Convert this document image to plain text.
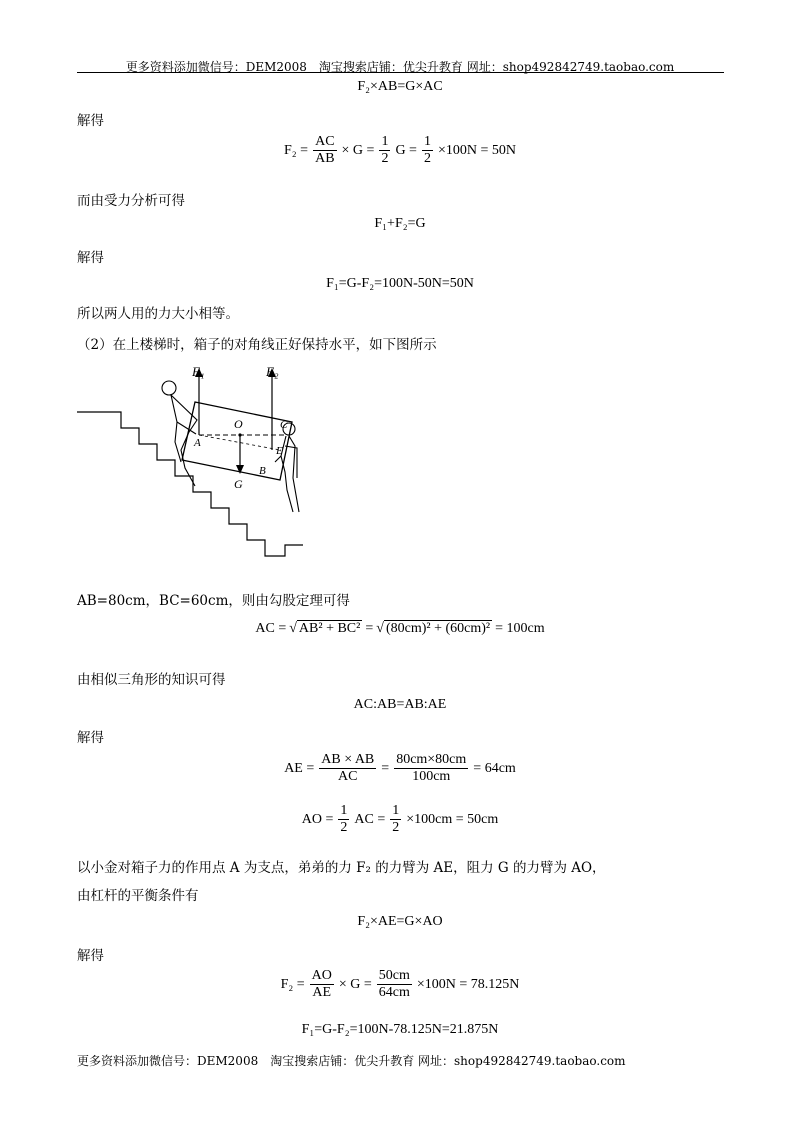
更多资料添加微信号：DEM2008　淘宝搜索店铺：优尖升教育 网址：shop492842749.taobao.com
F₂×AB=G×AC
解得
$F_2 = \frac{AC}{AB} \times G = \frac{1}{2}$ $G = \frac{1}{2} \times 100N = 50N$
而由受力分析可得
F₁+F₂=G
解得
F₁=G-F₂=100N-50N=50N
所以两人用的力大小相等。
（2）在上楼梯时，箱子的对角线正好保持水平，如下图所示
F₁	F₂
O
A
B
C
E
G
AB=80cm，BC=60cm，则由勾股定理可得
AC = √ AB² + BC² = √ (80cm)² + (60cm)² = 100cm
由相似三角形的知识可得
AC:AB=AB:AE
解得
AE = $\frac{AB \times AB}{AC} = \frac{80cm\times 80cm}{100cm} = 64cm$
AO = $\frac{1}{2}$ AC = $\frac{1}{2} \times 100cm = 50cm$
以小金对箱子力的作用点 A 为支点，弟弟的力 F₂ 的力臂为 AE，阻力 G 的力臂为 AO，
由杠杆的平衡条件有
F₂×AE=G×AO
解得
$F_2 = \frac{AO}{AE} \times G = \frac{50cm}{64cm} \times 100N = 78.125N$
F₁=G-F₂=100N-78.125N=21.875N
更多资料添加微信号：DEM2008　淘宝搜索店铺：优尖升教育 网址：shop492842749.taobao.com
